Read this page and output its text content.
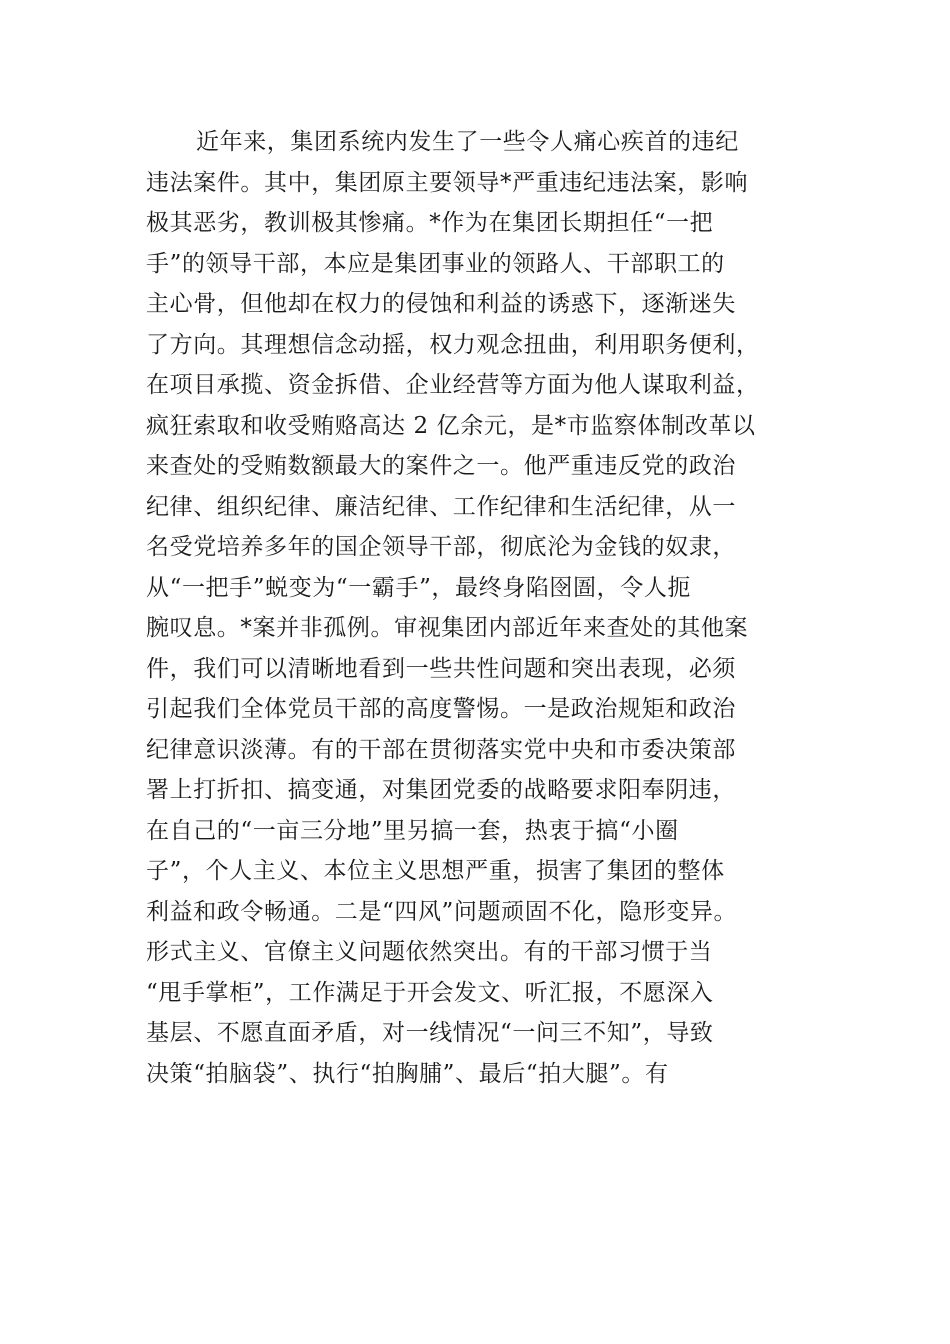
近年来，集团系统内发生了一些令人痛心疾首的违纪
违法案件。其中，集团原主要领导*严重违纪违法案，影响
极其恶劣，教训极其惨痛。*作为在集团长期担任“一把
手”的领导干部，本应是集团事业的领路人、干部职工的
主心骨，但他却在权力的侵蚀和利益的诱惑下，逐渐迷失
了方向。其理想信念动摇，权力观念扭曲，利用职务便利，
在项目承揽、资金拆借、企业经营等方面为他人谋取利益，
疯狂索取和收受贿赂高达 2 亿余元，是*市监察体制改革以
来查处的受贿数额最大的案件之一。他严重违反党的政治
纪律、组织纪律、廉洁纪律、工作纪律和生活纪律，从一
名受党培养多年的国企领导干部，彻底沦为金钱的奴隶，
从“一把手”蜕变为“一霸手”，最终身陷囹圄，令人扼
腕叹息。*案并非孤例。审视集团内部近年来查处的其他案
件，我们可以清晰地看到一些共性问题和突出表现，必须
引起我们全体党员干部的高度警惕。一是政治规矩和政治
纪律意识淡薄。有的干部在贯彻落实党中央和市委决策部
署上打折扣、搞变通，对集团党委的战略要求阳奉阴违，
在自己的“一亩三分地”里另搞一套，热衷于搞“小圈
子”，个人主义、本位主义思想严重，损害了集团的整体
利益和政令畅通。二是“四风”问题顽固不化，隐形变异。
形式主义、官僚主义问题依然突出。有的干部习惯于当
“甩手掌柜”，工作满足于开会发文、听汇报，不愿深入
基层、不愿直面矛盾，对一线情况“一问三不知”，导致
决策“拍脑袋”、执行“拍胸脯”、最后“拍大腿”。有
